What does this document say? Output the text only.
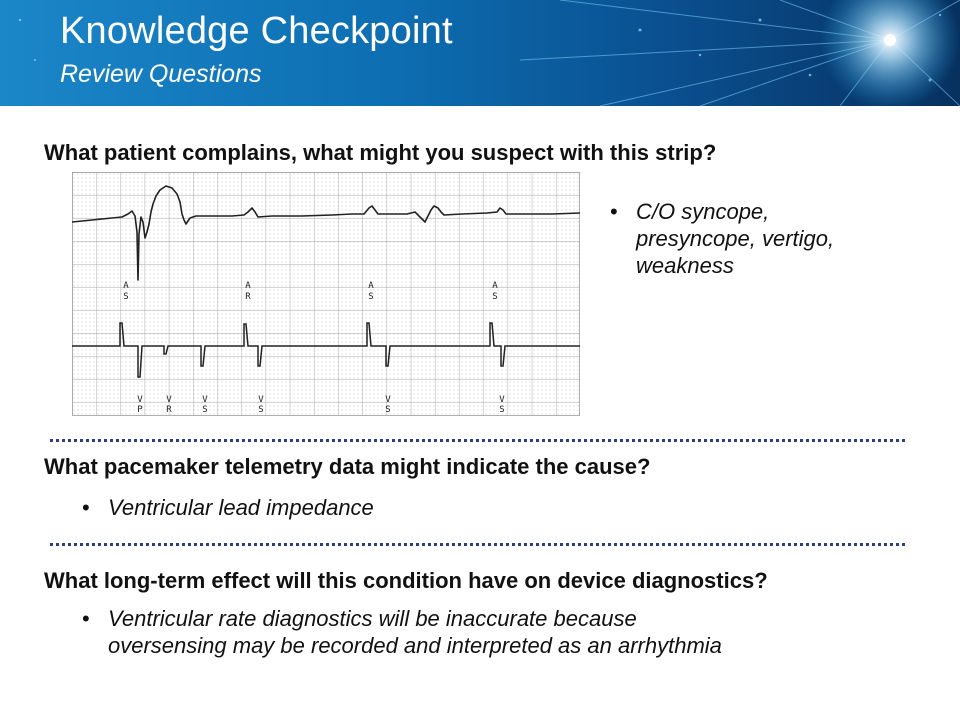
Knowledge Checkpoint
Review Questions
What patient complains, what might you suspect with this strip?
A
S
A
R
A
S
A
S
V
P
V
R
V
S
V
S
V
S
V
S
• C/O syncope,
presyncope, vertigo,
weakness
What pacemaker telemetry data might indicate the cause?
• Ventricular lead impedance
What long-term effect will this condition have on device diagnostics?
• Ventricular rate diagnostics will be inaccurate because
oversensing may be recorded and interpreted as an arrhythmia
